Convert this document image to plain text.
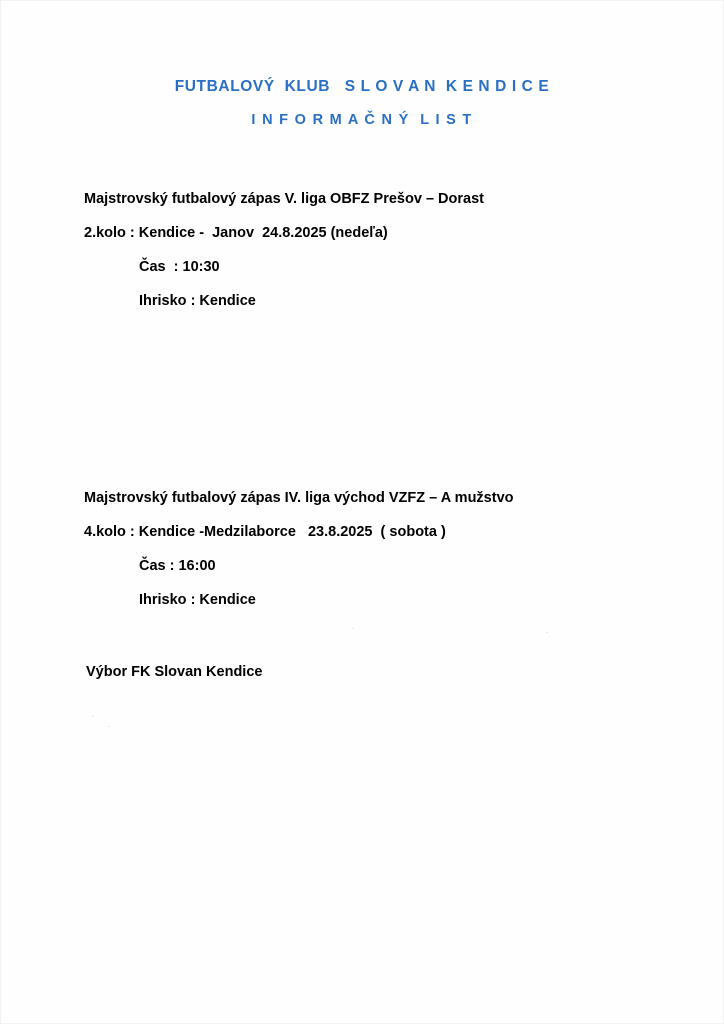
FUTBALOVÝ  KLUB   S L O V A N  K E N D I C E
I N F O R M A Č N Ý  L I S T
Majstrovský futbalový zápas V. liga OBFZ Prešov – Dorast
2.kolo : Kendice -  Janov  24.8.2025 (nedeľa)
Čas  : 10:30
Ihrisko : Kendice
Majstrovský futbalový zápas IV. liga východ VZFZ – A mužstvo
4.kolo : Kendice -Medzilaborce   23.8.2025  ( sobota )
Čas : 16:00
Ihrisko : Kendice
Výbor FK Slovan Kendice
